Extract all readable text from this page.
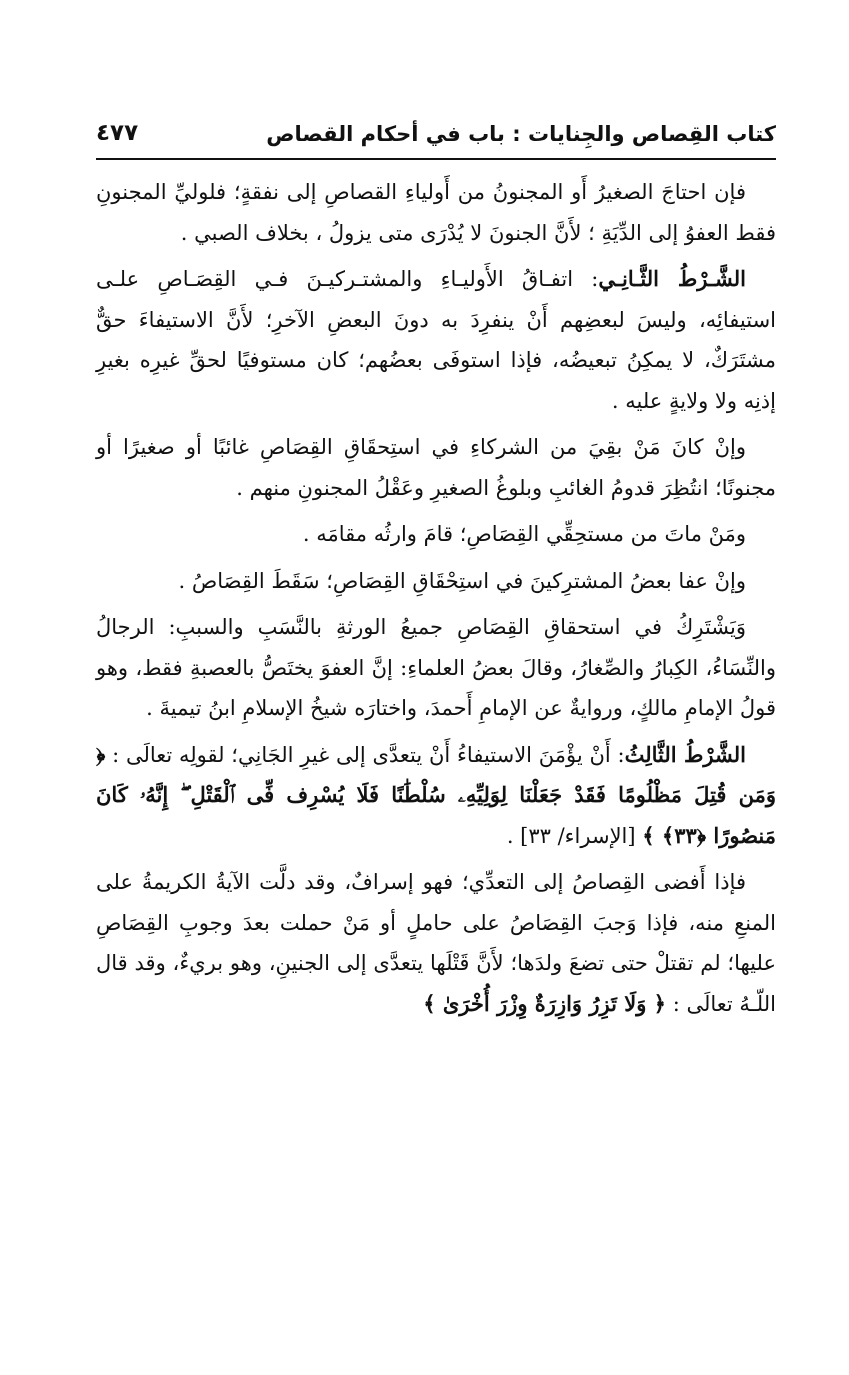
كتاب القِصاص والجِنايات : باب في أحكام القصاص
٤٧٧

فإن احتاجَ الصغيرُ أَو المجنونُ من أَولياءِ القصاصِ إلى نفقةٍ؛ فلوليِّ المجنونِ فقط العفوُ إلى الدِّيَةِ ؛ لأَنَّ الجنونَ لا يُدْرَى متى يزولُ ، بخلاف الصبي .

الشَّـرْطُ الثَّـانِـي: اتفـاقُ الأَوليـاءِ والمشتـركيـنَ فـي القِصَـاصِ علـى استيفائِه، وليسَ لبعضِهم أَنْ ينفرِدَ به دونَ البعضِ الآخرِ؛ لأَنَّ الاستيفاءَ حقٌّ مشتَرَكٌ، لا يمكِنُ تبعيضُه، فإذا استوفَى بعضُهم؛ كان مستوفيًا لحقِّ غيرِه بغيرِ إذنِه ولا ولايةٍ عليه .

وإنْ كانَ مَنْ بقِيَ من الشركاءِ في استِحقَاقِ القِصَاصِ غائبًا أو صغيرًا أو مجنونًا؛ انتُظِرَ قدومُ الغائبِ وبلوغُ الصغيرِ وعَقْلُ المجنونِ منهم .

ومَنْ ماتَ من مستحِقِّي القِصَاصِ؛ قامَ وارثُه مقامَه .

وإنْ عفا بعضُ المشترِكينَ في استِحْقَاقِ القِصَاصِ؛ سَقَطَ القِصَاصُ .

وَيَشْتَرِكُ في استحقاقِ القِصَاصِ جميعُ الورثةِ بالنَّسَبِ والسببِ: الرجالُ والنِّسَاءُ، الكِبارُ والصِّغارُ، وقالَ بعضُ العلماءِ: إنَّ العفوَ يختَصُّ بالعصبةِ فقط، وهو قولُ الإمامِ مالكٍ، وروايةٌ عن الإمامِ أَحمدَ، واختارَه شيخُ الإسلامِ ابنُ تيميةَ .

الشَّرْطُ الثَّالِثُ: أَنْ يؤْمَنَ الاستيفاءُ أَنْ يتعدَّى إلى غيرِ الجَانِي؛ لقولِه تعالَى : ﴿ وَمَن قُتِلَ مَظْلُومًا فَقَدْ جَعَلْنَا لِوَلِيِّهِۦ سُلْطَٰنًا فَلَا يُسْرِف فِّى ٱلْقَتْلِ ۖ إِنَّهُۥ كَانَ مَنصُورًا ﴿٣٣﴾ ﴾ [الإسراء/ ٣٣] .

فإذا أَفضى القِصاصُ إلى التعدِّي؛ فهو إسرافٌ، وقد دلَّت الآيةُ الكريمةُ على المنعِ منه، فإذا وَجبَ القِصَاصُ على حاملٍ أو مَنْ حملت بعدَ وجوبِ القِصَاصِ عليها؛ لم تقتلْ حتى تضعَ ولدَها؛ لأَنَّ قَتْلَها يتعدَّى إلى الجنينِ، وهو بريءٌ، وقد قال اللّـهُ تعالَى : ﴿ وَلَا تَزِرُ وَازِرَةٌ وِزْرَ أُخْرَىٰ ﴾
